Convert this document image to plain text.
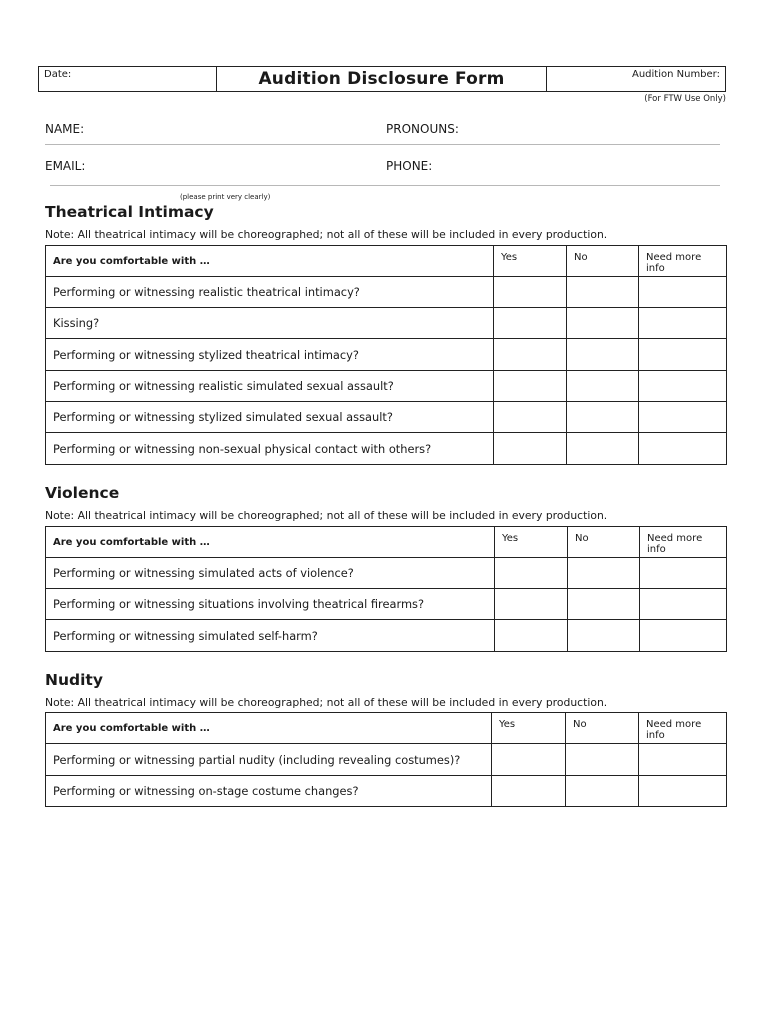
Date:	Audition Disclosure Form	Audition Number:
(For FTW Use Only)
NAME:	PRONOUNS:
EMAIL:	PHONE:
(please print very clearly)
Theatrical Intimacy
Note: All theatrical intimacy will be choreographed; not all of these will be included in every production.
Are you comfortable with …	Yes	No	Need more info
Performing or witnessing realistic theatrical intimacy?			
Kissing?			
Performing or witnessing stylized theatrical intimacy?			
Performing or witnessing realistic simulated sexual assault?			
Performing or witnessing stylized simulated sexual assault?			
Performing or witnessing non-sexual physical contact with others?			
Violence
Note: All theatrical intimacy will be choreographed; not all of these will be included in every production.
Are you comfortable with …	Yes	No	Need more info
Performing or witnessing simulated acts of violence?			
Performing or witnessing situations involving theatrical firearms?			
Performing or witnessing simulated self-harm?			
Nudity
Note: All theatrical intimacy will be choreographed; not all of these will be included in every production.
Are you comfortable with …	Yes	No	Need more info
Performing or witnessing partial nudity (including revealing costumes)?			
Performing or witnessing on-stage costume changes?			
